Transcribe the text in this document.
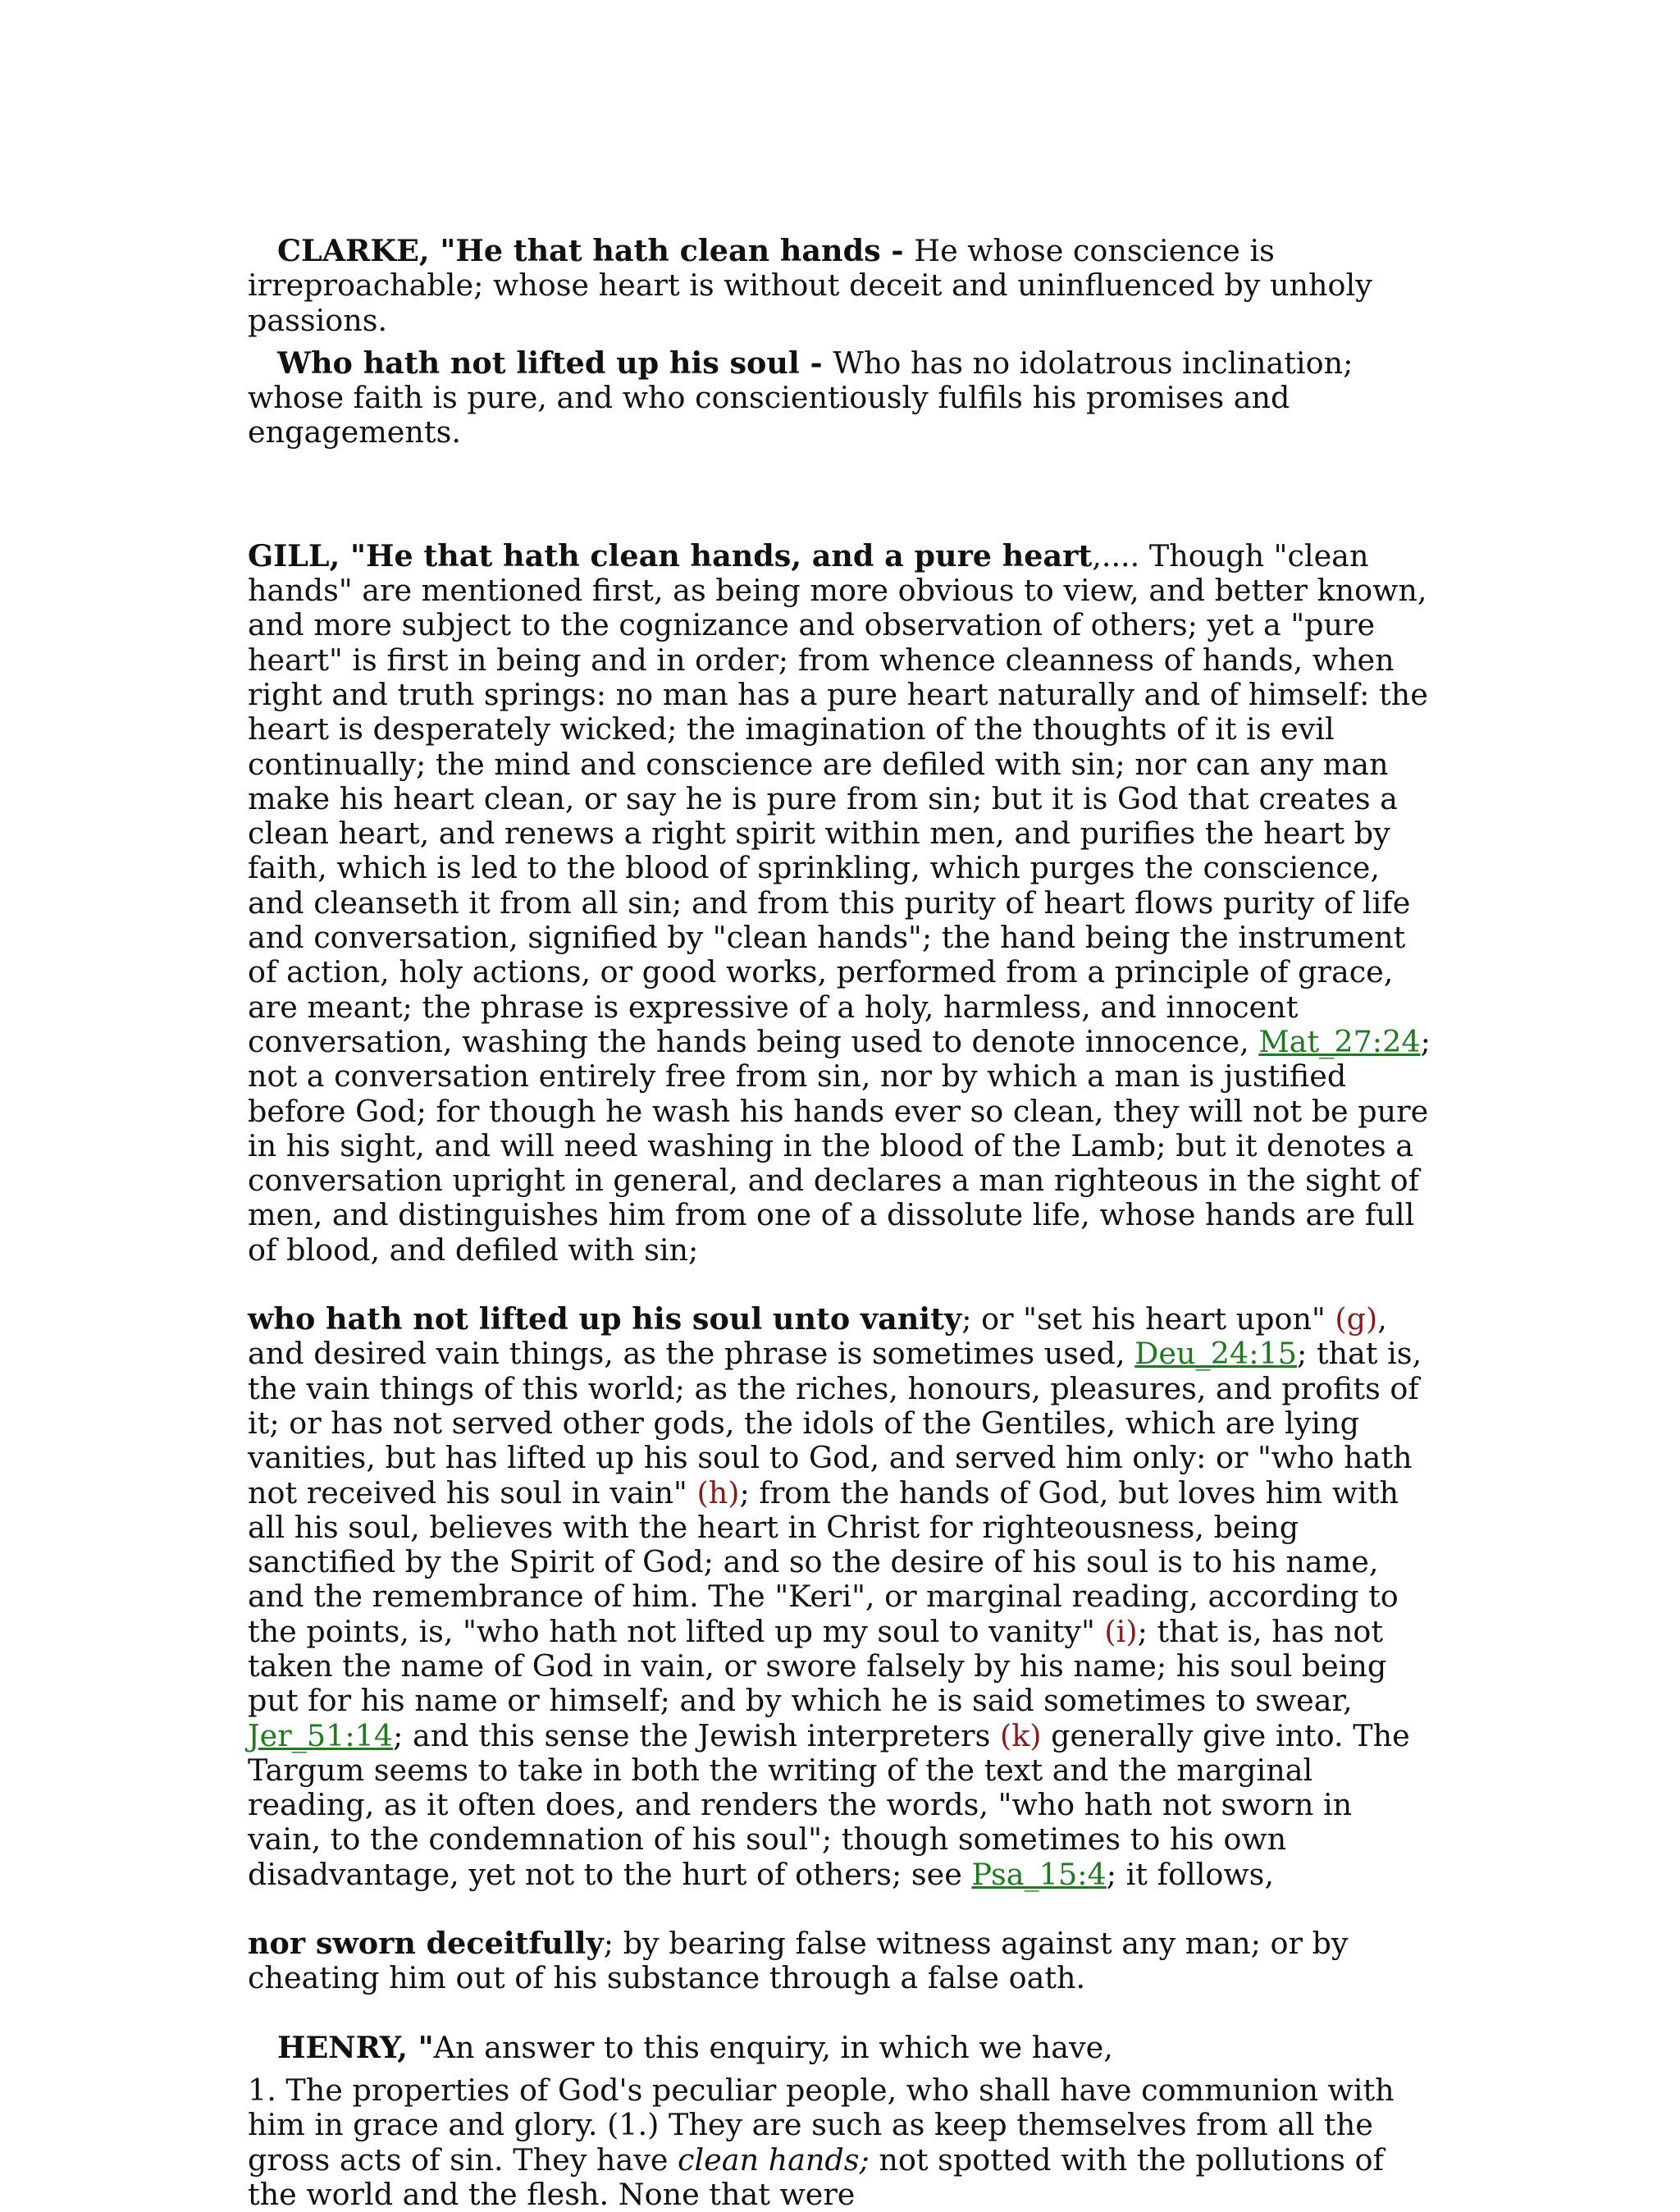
CLARKE, "He that hath clean hands - He whose conscience is irreproachable; whose heart is without deceit and uninfluenced by unholy passions.

Who hath not lifted up his soul - Who has no idolatrous inclination; whose faith is pure, and who conscientiously fulfils his promises and engagements.

GILL, "He that hath clean hands, and a pure heart,.... Though "clean hands" are mentioned first, as being more obvious to view, and better known, and more subject to the cognizance and observation of others; yet a "pure heart" is first in being and in order; from whence cleanness of hands, when right and truth springs: no man has a pure heart naturally and of himself: the heart is desperately wicked; the imagination of the thoughts of it is evil continually; the mind and conscience are defiled with sin; nor can any man make his heart clean, or say he is pure from sin; but it is God that creates a clean heart, and renews a right spirit within men, and purifies the heart by faith, which is led to the blood of sprinkling, which purges the conscience, and cleanseth it from all sin; and from this purity of heart flows purity of life and conversation, signified by "clean hands"; the hand being the instrument of action, holy actions, or good works, performed from a principle of grace, are meant; the phrase is expressive of a holy, harmless, and innocent conversation, washing the hands being used to denote innocence, Mat_27:24; not a conversation entirely free from sin, nor by which a man is justified before God; for though he wash his hands ever so clean, they will not be pure in his sight, and will need washing in the blood of the Lamb; but it denotes a conversation upright in general, and declares a man righteous in the sight of men, and distinguishes him from one of a dissolute life, whose hands are full of blood, and defiled with sin;

who hath not lifted up his soul unto vanity; or "set his heart upon" (g), and desired vain things, as the phrase is sometimes used, Deu_24:15; that is, the vain things of this world; as the riches, honours, pleasures, and profits of it; or has not served other gods, the idols of the Gentiles, which are lying vanities, but has lifted up his soul to God, and served him only: or "who hath not received his soul in vain" (h); from the hands of God, but loves him with all his soul, believes with the heart in Christ for righteousness, being sanctified by the Spirit of God; and so the desire of his soul is to his name, and the remembrance of him. The "Keri", or marginal reading, according to the points, is, "who hath not lifted up my soul to vanity" (i); that is, has not taken the name of God in vain, or swore falsely by his name; his soul being put for his name or himself; and by which he is said sometimes to swear, Jer_51:14; and this sense the Jewish interpreters (k) generally give into. The Targum seems to take in both the writing of the text and the marginal reading, as it often does, and renders the words, "who hath not sworn in vain, to the condemnation of his soul"; though sometimes to his own disadvantage, yet not to the hurt of others; see Psa_15:4; it follows,

nor sworn deceitfully; by bearing false witness against any man; or by cheating him out of his substance through a false oath.

HENRY, "An answer to this enquiry, in which we have,

1. The properties of God's peculiar people, who shall have communion with him in grace and glory. (1.) They are such as keep themselves from all the gross acts of sin. They have clean hands; not spotted with the pollutions of the world and the flesh. None that were
